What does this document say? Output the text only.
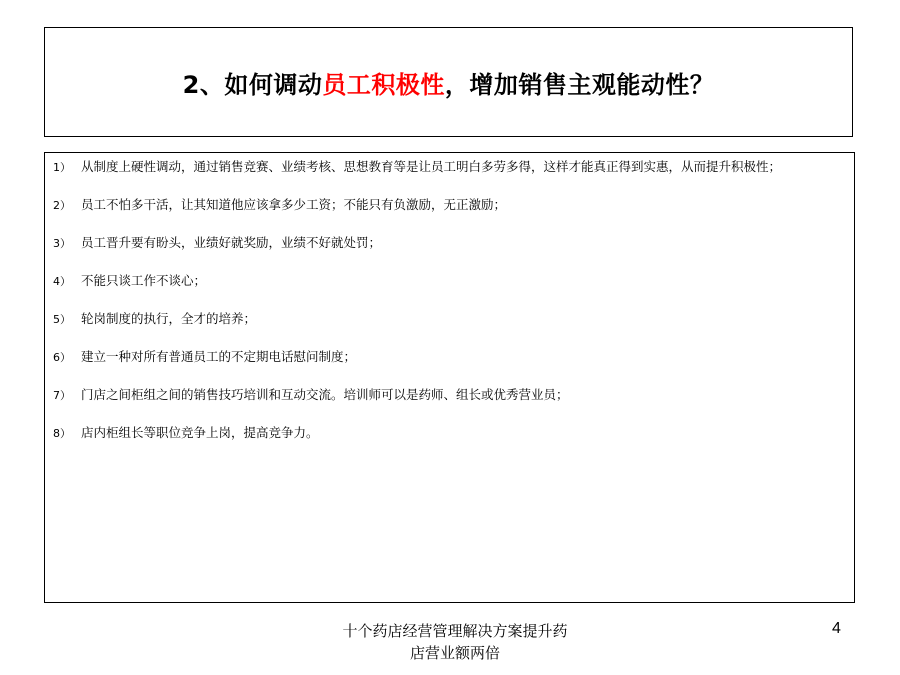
2、如何调动 员工积极性 ，增加销售主观能动性？
1） 从制度上硬性调动，通过销售竞赛、业绩考核、思想教育等是让员工明白多劳多得，这样才能真正得到实惠，从而提升积极性；
2） 员工不怕多干活，让其知道他应该拿多少工资；不能只有负激励，无正激励；
3） 员工晋升要有盼头，业绩好就奖励，业绩不好就处罚；
4） 不能只谈工作不谈心；
5） 轮岗制度的执行，全才的培养；
6） 建立一种对所有普通员工的不定期电话慰问制度；
7） 门店之间柜组之间的销售技巧培训和互动交流。培训师可以是药师、组长或优秀营业员；
8） 店内柜组长等职位竞争上岗，提高竞争力。
十个药店经营管理解决方案提升药
店营业额两倍
4
